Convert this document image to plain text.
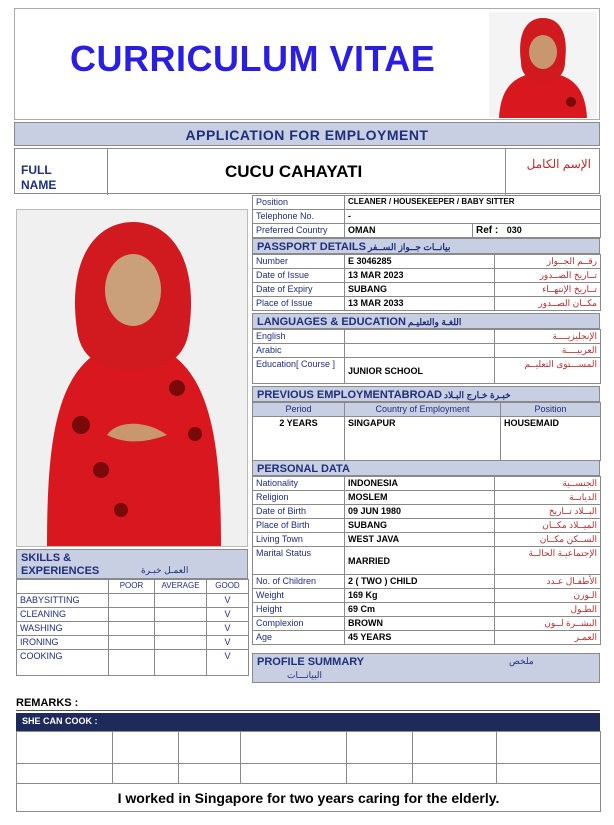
CURRICULUM VITAE
APPLICATION FOR EMPLOYMENT
FULL NAME
CUCU CAHAYATI	الإسم الكامل
Position	CLEANER / HOUSEKEEPER / BABY SITTER	
Telephone No.	-	
Preferred Country	OMAN	Ref : 030
PASSPORT DETAILS بيانــات جــواز الســفر
Number	E 3046285	رقــم الجــواز
Date of Issue	13 MAR 2023	تــاريخ الصــدور
Date of Expiry	SUBANG	تــاريخ الإنتهــاء
Place of Issue	13 MAR 2033	مكــان الصــدور
LANGUAGES & EDUCATION اللغـة والتعليـم
English		الإنجليزيــــة
Arabic		العربيــــة
Education[ Course ]	JUNIOR SCHOOL	المســـتوى التعليــم
PREVIOUS EMPLOYMENTABROAD خبـرة خـارج البـلاد
Period	Country of Employment	Position
2 YEARS	SINGAPUR	HOUSEMAID
PERSONAL DATA
Nationality	INDONESIA	الجنســية
Religion	MOSLEM	الديانــة
Date of Birth	09 JUN 1980	البــلاد تــاريخ
Place of Birth	SUBANG	الميــلاد مكــان
Living Town	WEST JAVA	الســكن مكــان
Marital Status	MARRIED	الإجتماعيـة الحالــة
No. of Children	2 ( TWO ) CHILD	الأطفـال عـدد
Weight	169 Kg	الـوزن
Height	69 Cm	الطـول
Complexion	BROWN	البشــرة لــون
Age	45 YEARS	العمـر
PROFILE SUMMARY	ملخص
البيانـــات
SKILLS & EXPERIENCES	العمـل خبـرة
	POOR	AVERAGE	GOOD
BABYSITTING			V
CLEANING			V
WASHING			V
IRONING			V
COOKING			V
REMARKS :
SHE CAN COOK :

I worked in Singapore for two years caring for the elderly.						
